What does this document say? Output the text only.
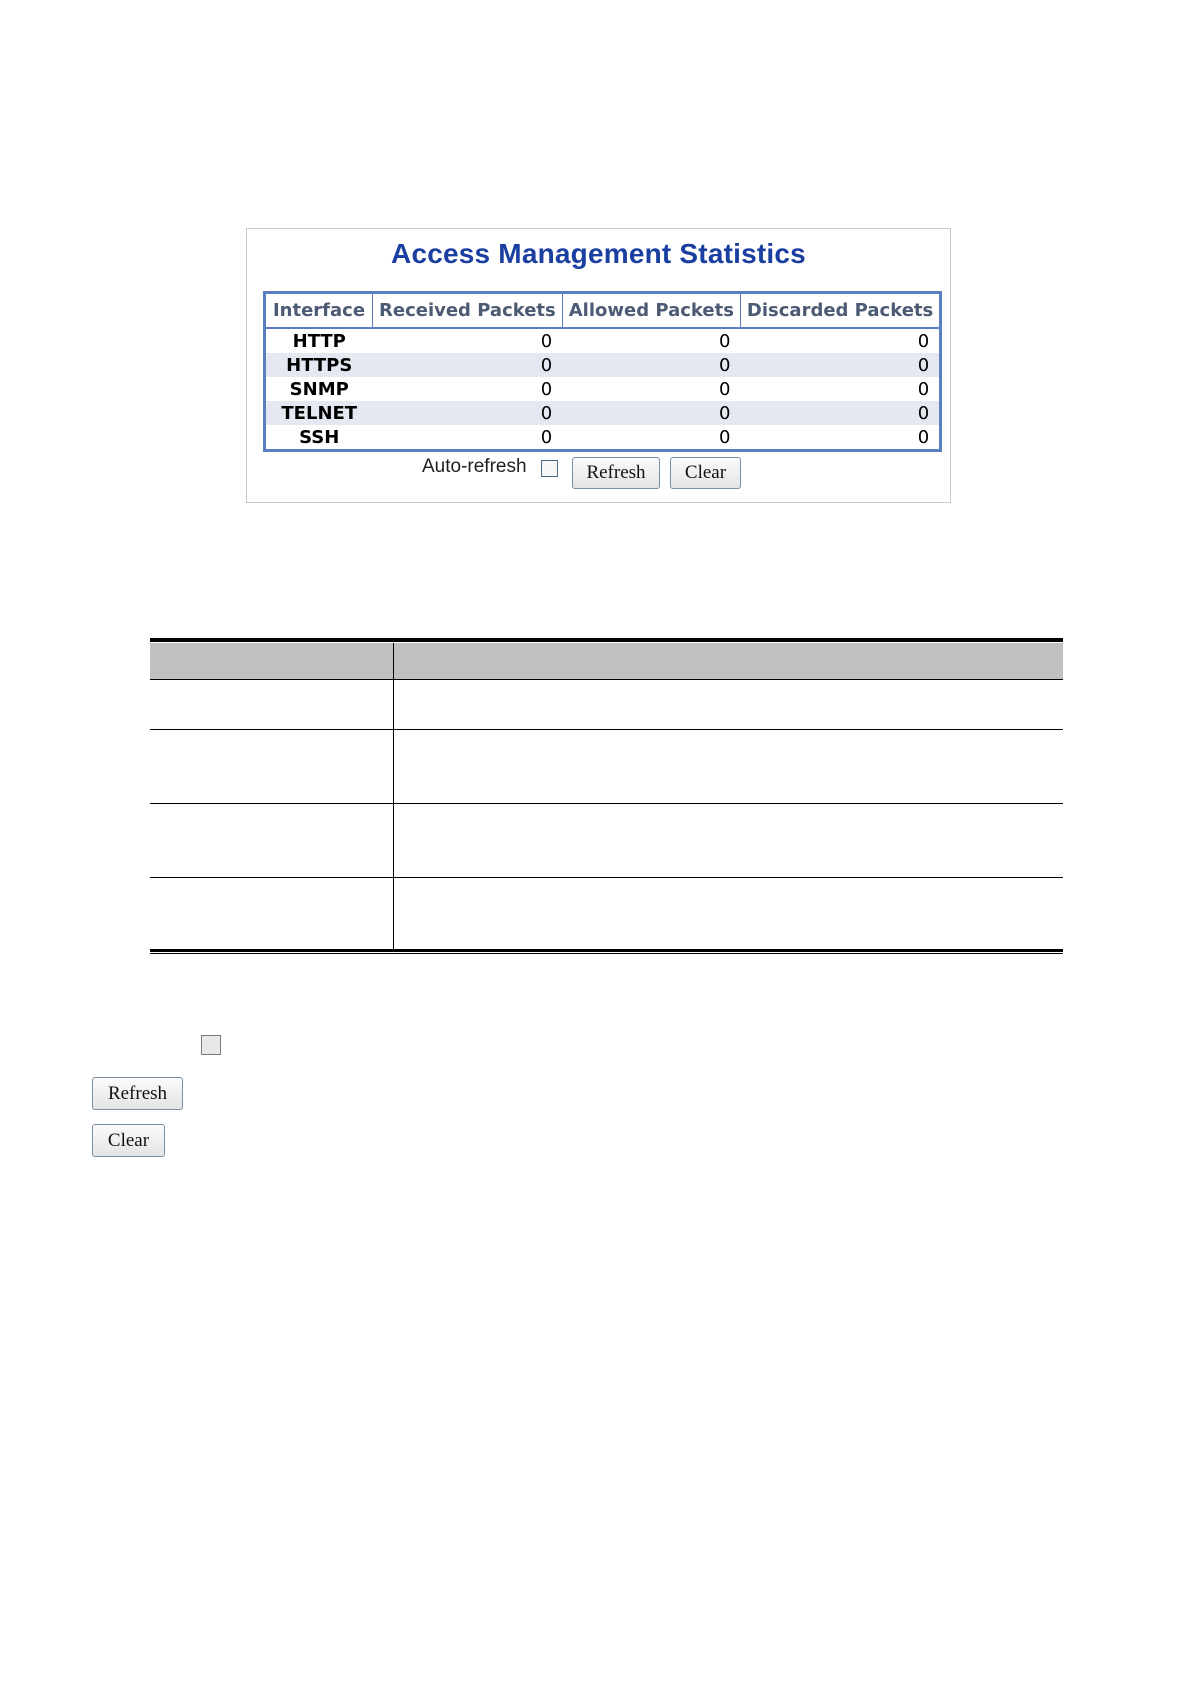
Access Management Statistics
Interface	Received Packets	Allowed Packets	Discarded Packets
HTTP	0	0	0
HTTPS	0	0	0
SNMP	0	0	0
TELNET	0	0	0
SSH	0	0	0
Auto-refresh	Refresh	Clear
Refresh
Clear
